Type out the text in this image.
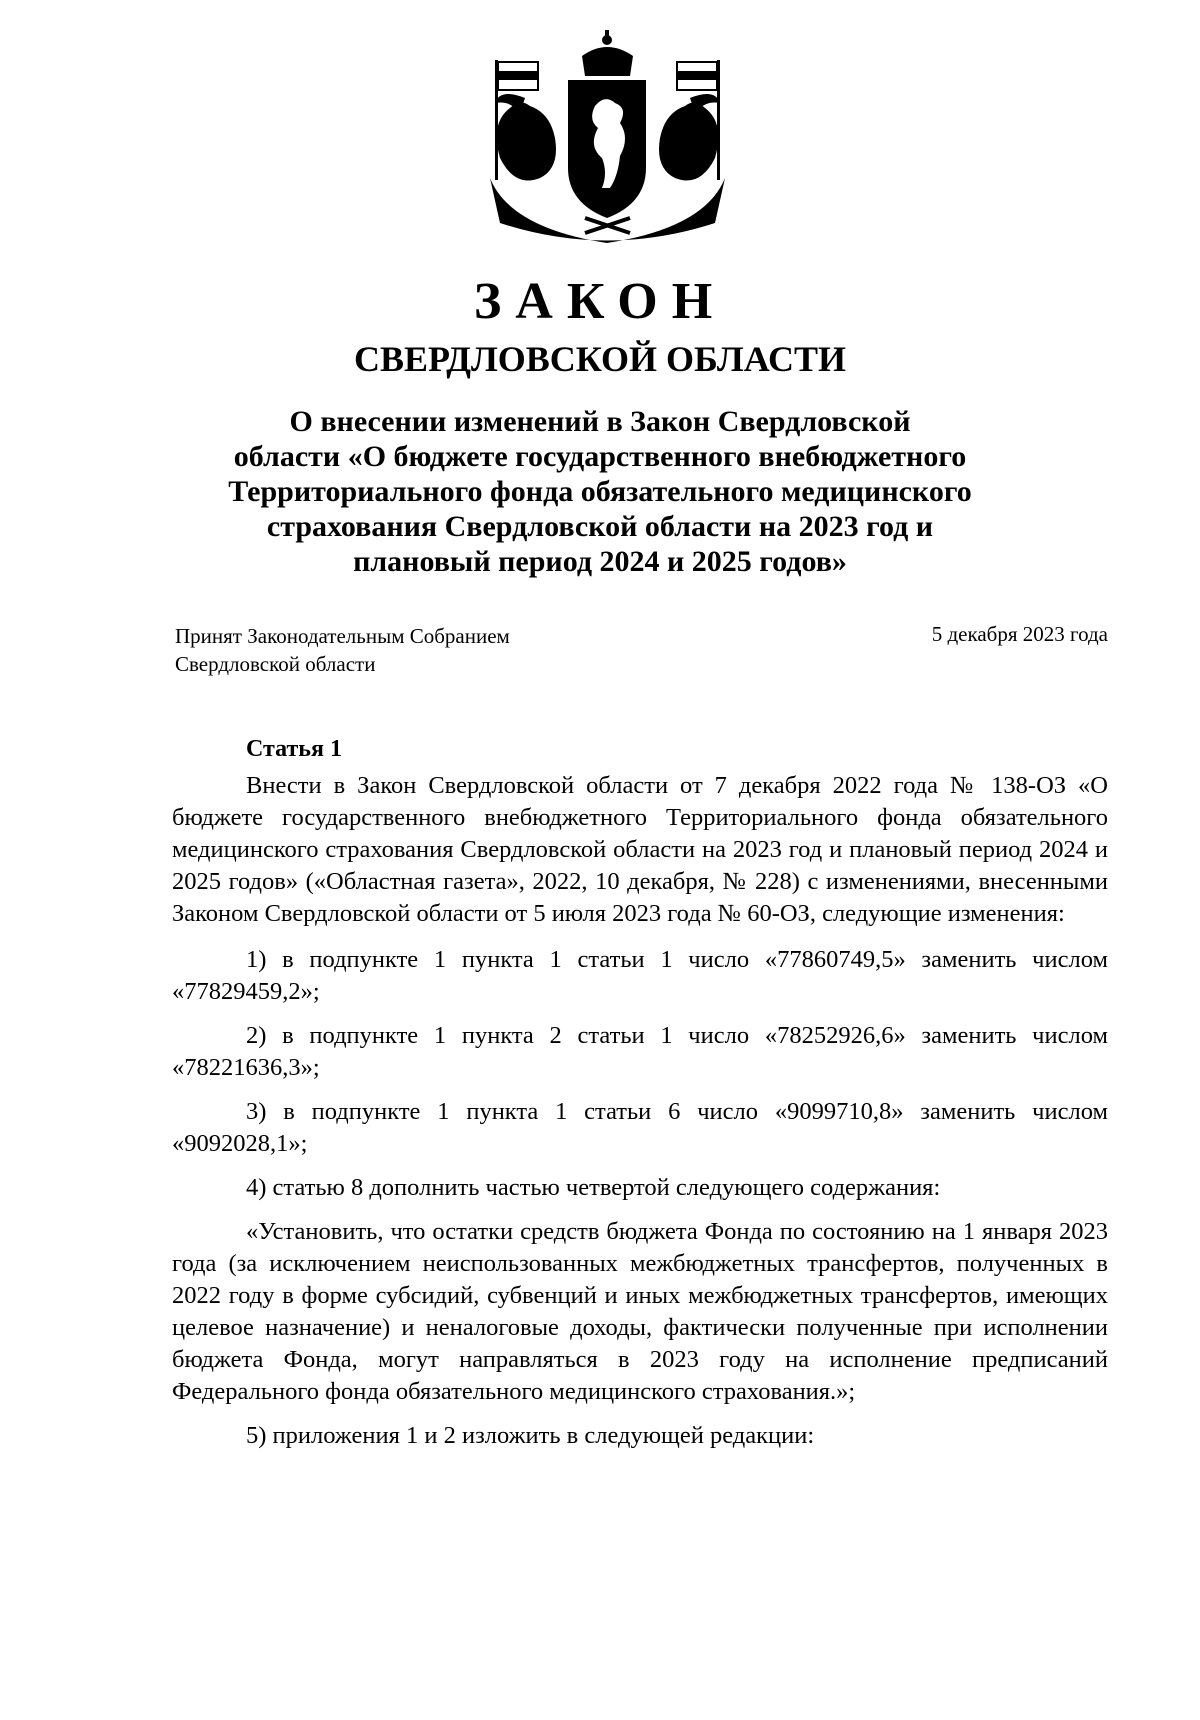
ЗАКОН
СВЕРДЛОВСКОЙ ОБЛАСТИ
О внесении изменений в Закон Свердловской
области «О бюджете государственного внебюджетного
Территориального фонда обязательного медицинского
страхования Свердловской области на 2023 год и
плановый период 2024 и 2025 годов»
Принят Законодательным Собранием
Свердловской области
5 декабря 2023 года
Статья 1

Внести в Закон Свердловской области от 7 декабря 2022 года № 138-ОЗ «О бюджете государственного внебюджетного Территориального фонда обязательного медицинского страхования Свердловской области на 2023 год и плановый период 2024 и 2025 годов» («Областная газета», 2022, 10 декабря, № 228) с изменениями, внесенными Законом Свердловской области от 5 июля 2023 года № 60-ОЗ, следующие изменения:

1) в подпункте 1 пункта 1 статьи 1 число «77860749,5» заменить числом «77829459,2»;

2) в подпункте 1 пункта 2 статьи 1 число «78252926,6» заменить числом «78221636,3»;

3) в подпункте 1 пункта 1 статьи 6 число «9099710,8» заменить числом «9092028,1»;

4) статью 8 дополнить частью четвертой следующего содержания:

«Установить, что остатки средств бюджета Фонда по состоянию на 1 января 2023 года (за исключением неиспользованных межбюджетных трансфертов, полученных в 2022 году в форме субсидий, субвенций и иных межбюджетных трансфертов, имеющих целевое назначение) и неналоговые доходы, фактически полученные при исполнении бюджета Фонда, могут направляться в 2023 году на исполнение предписаний Федерального фонда обязательного медицинского страхования.»;

5) приложения 1 и 2 изложить в следующей редакции:
